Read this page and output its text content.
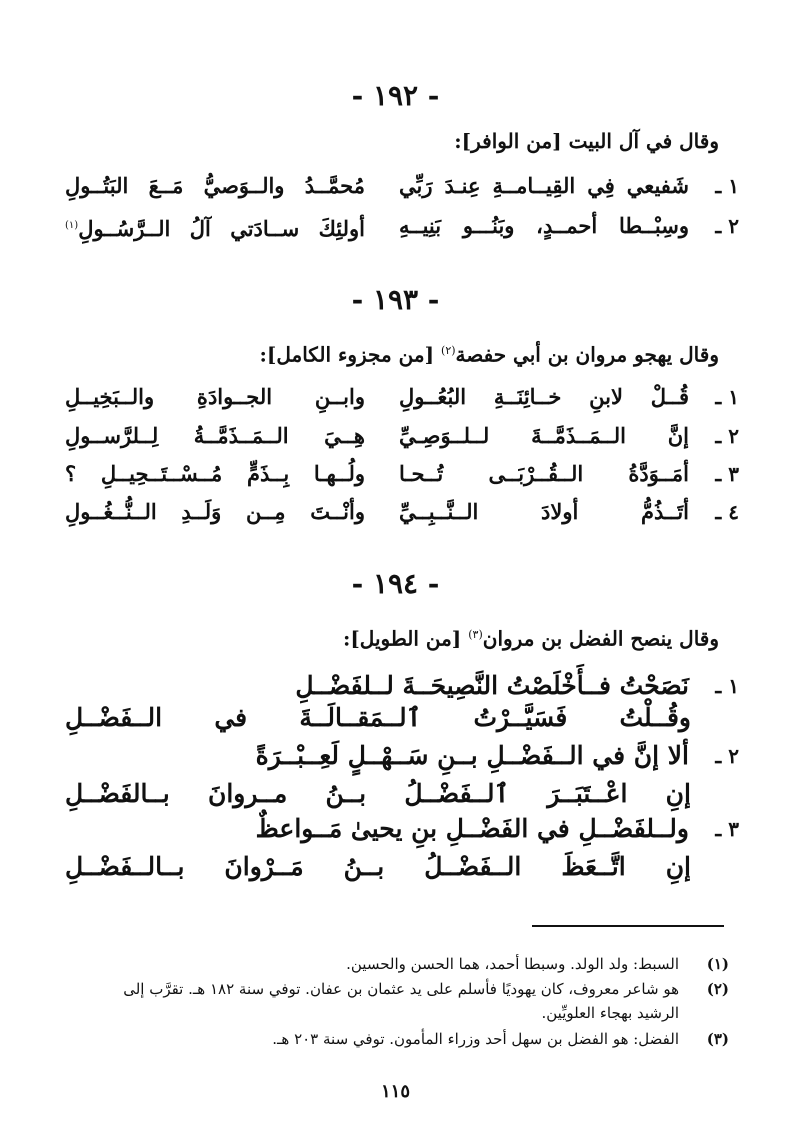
- ١٩٢ -
وقال في آل البيت [من الوافر]:
١ ـ
شَفيعي فِي القِيــامــةِ عِنـدَ رَبِّي
مُحمَّــدُ والــوَصيُّ مَــعَ البَتُــولِ
٢ ـ
وسِبْــطا أحمــدٍ، وبَنُـــو بَنِيــهِ
أولئِكَ ســادَتي آلُ الــرَّسُــولِ$^{(١)}$
- ١٩٣ -
وقال يهجو مروان بن أبي حفصة$^{(٢)}$ [من مجزوء الكامل]:
١ ـ
قُــلْ لابنِ خــائِنَــةِ البُعُــولِ
وابــنِ الجــوادَةِ والــبَخِيــلِ
٢ ـ
إنَّ الــمَــذَمَّــةَ لــلــوَصِـيِّ
هِــيَ الــمَــذَمَّــةُ لِــلرَّســولِ
٣ ـ
أمَــوَدَّةُ الــقُــرْبَــى تُــحـا
ولُــهـا بِــذَمٍّ مُــسْــتَــحِيــلِ ؟
٤ ـ
أتَــذُمُّ أولادَ الــنَّــبِــيِّ
وأنْــتَ مِــن وَلَــدِ الــنُّــغُــولِ
- ١٩٤ -
وقال ينصح الفضل بن مروان$^{(٣)}$ [من الطويل]:
١ ـ
نَصَحْتُ فــأَخْلَصْتُ النَّصِيحَــةَ لــلفَضْــلِ
وقُــلْتُ فَسَيَّــرْتُ ٱلــمَقــالَــةَ في الــفَضْــلِ
٢ ـ
ألا إنَّ في الــفَضْــلِ بــنِ سَــهْــلٍ لَعِــبْــرَةً
إنِ اعْــتَبَــرَ ٱلــفَضْــلُ بــنُ مــروانَ بــالفَضْــلِ
٣ ـ
ولــلفَضْــلِ في الفَضْــلِ بنِ يحيىٰ مَــواعظٌ
إنِ اتَّــعَظَ الــفَضْــلُ بــنُ مَــرْوانَ بــالــفَضْــلِ
(١)
السبط: ولد الولد. وسبطا أحمد، هما الحسن والحسين.
(٢)
هو شاعر معروف، كان يهوديًا فأسلم على يد عثمان بن عفان. توفي سنة ١٨٢ هـ. تقرَّب إلى الرشيد بهجاء العلويِّين.
(٣)
الفضل: هو الفضل بن سهل أحد وزراء المأمون. توفي سنة ٢٠٣ هـ.
١١٥
